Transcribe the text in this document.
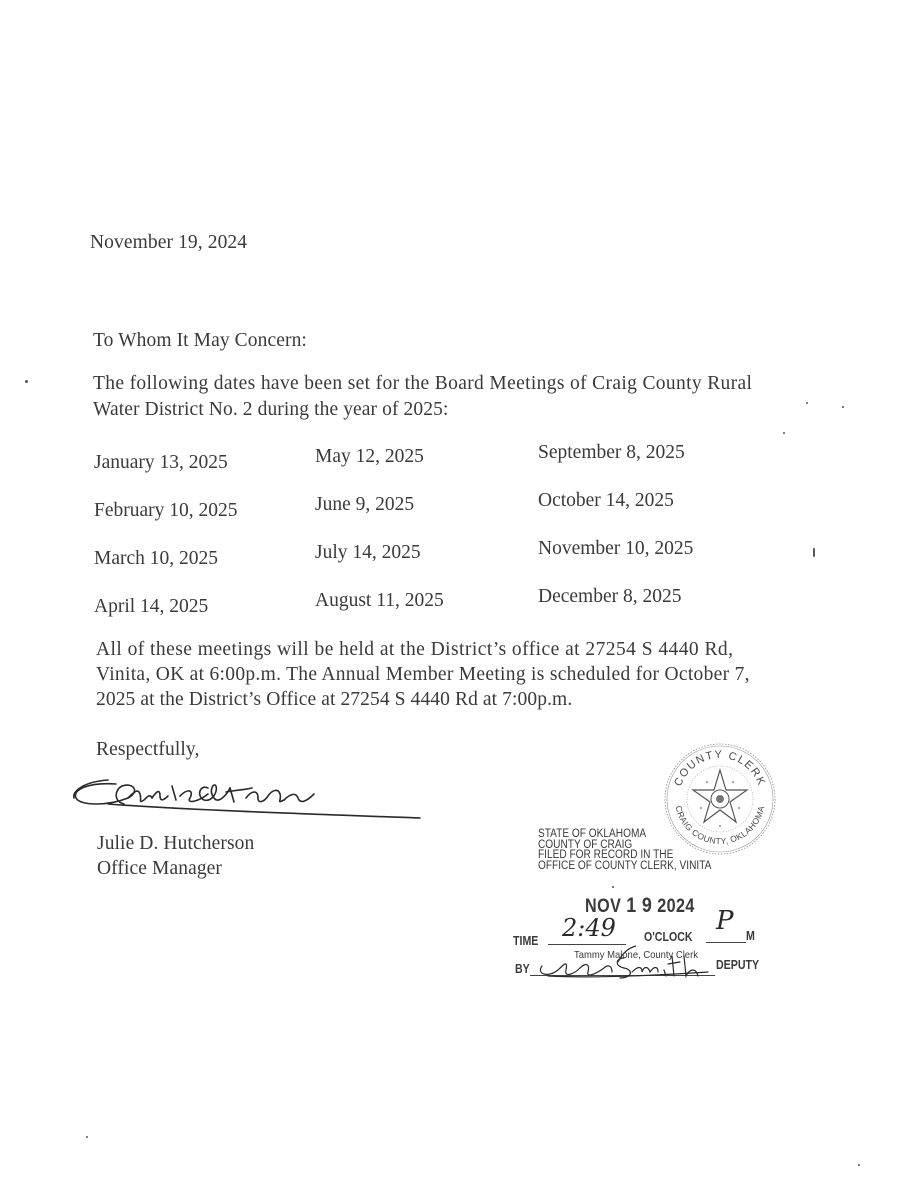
November 19, 2024
To Whom It May Concern:
The following dates have been set for the Board Meetings of Craig County Rural
Water District No. 2 during the year of 2025:
January 13, 2025
February 10, 2025
March 10, 2025
April 14, 2025
May 12, 2025
June 9, 2025
July 14, 2025
August 11, 2025
September 8, 2025
October 14, 2025
November 10, 2025
December 8, 2025
All of these meetings will be held at the District’s office at 27254 S 4440 Rd,
Vinita, OK at 6:00p.m. The Annual Member Meeting is scheduled for October 7,
2025 at the District’s Office at 27254 S 4440 Rd at 7:00p.m.
Respectfully,
Julie D. Hutcherson
Office Manager
COUNTY CLERK
CRAIG COUNTY, OKLAHOMA
STATE OF OKLAHOMA
COUNTY OF CRAIG
FILED FOR RECORD IN THE
OFFICE OF COUNTY CLERK, VINITA
NOV 1 9 2024
TIME 2:49 O'CLOCK
P M
Tammy Malone, County Clerk
BY	DEPUTY
